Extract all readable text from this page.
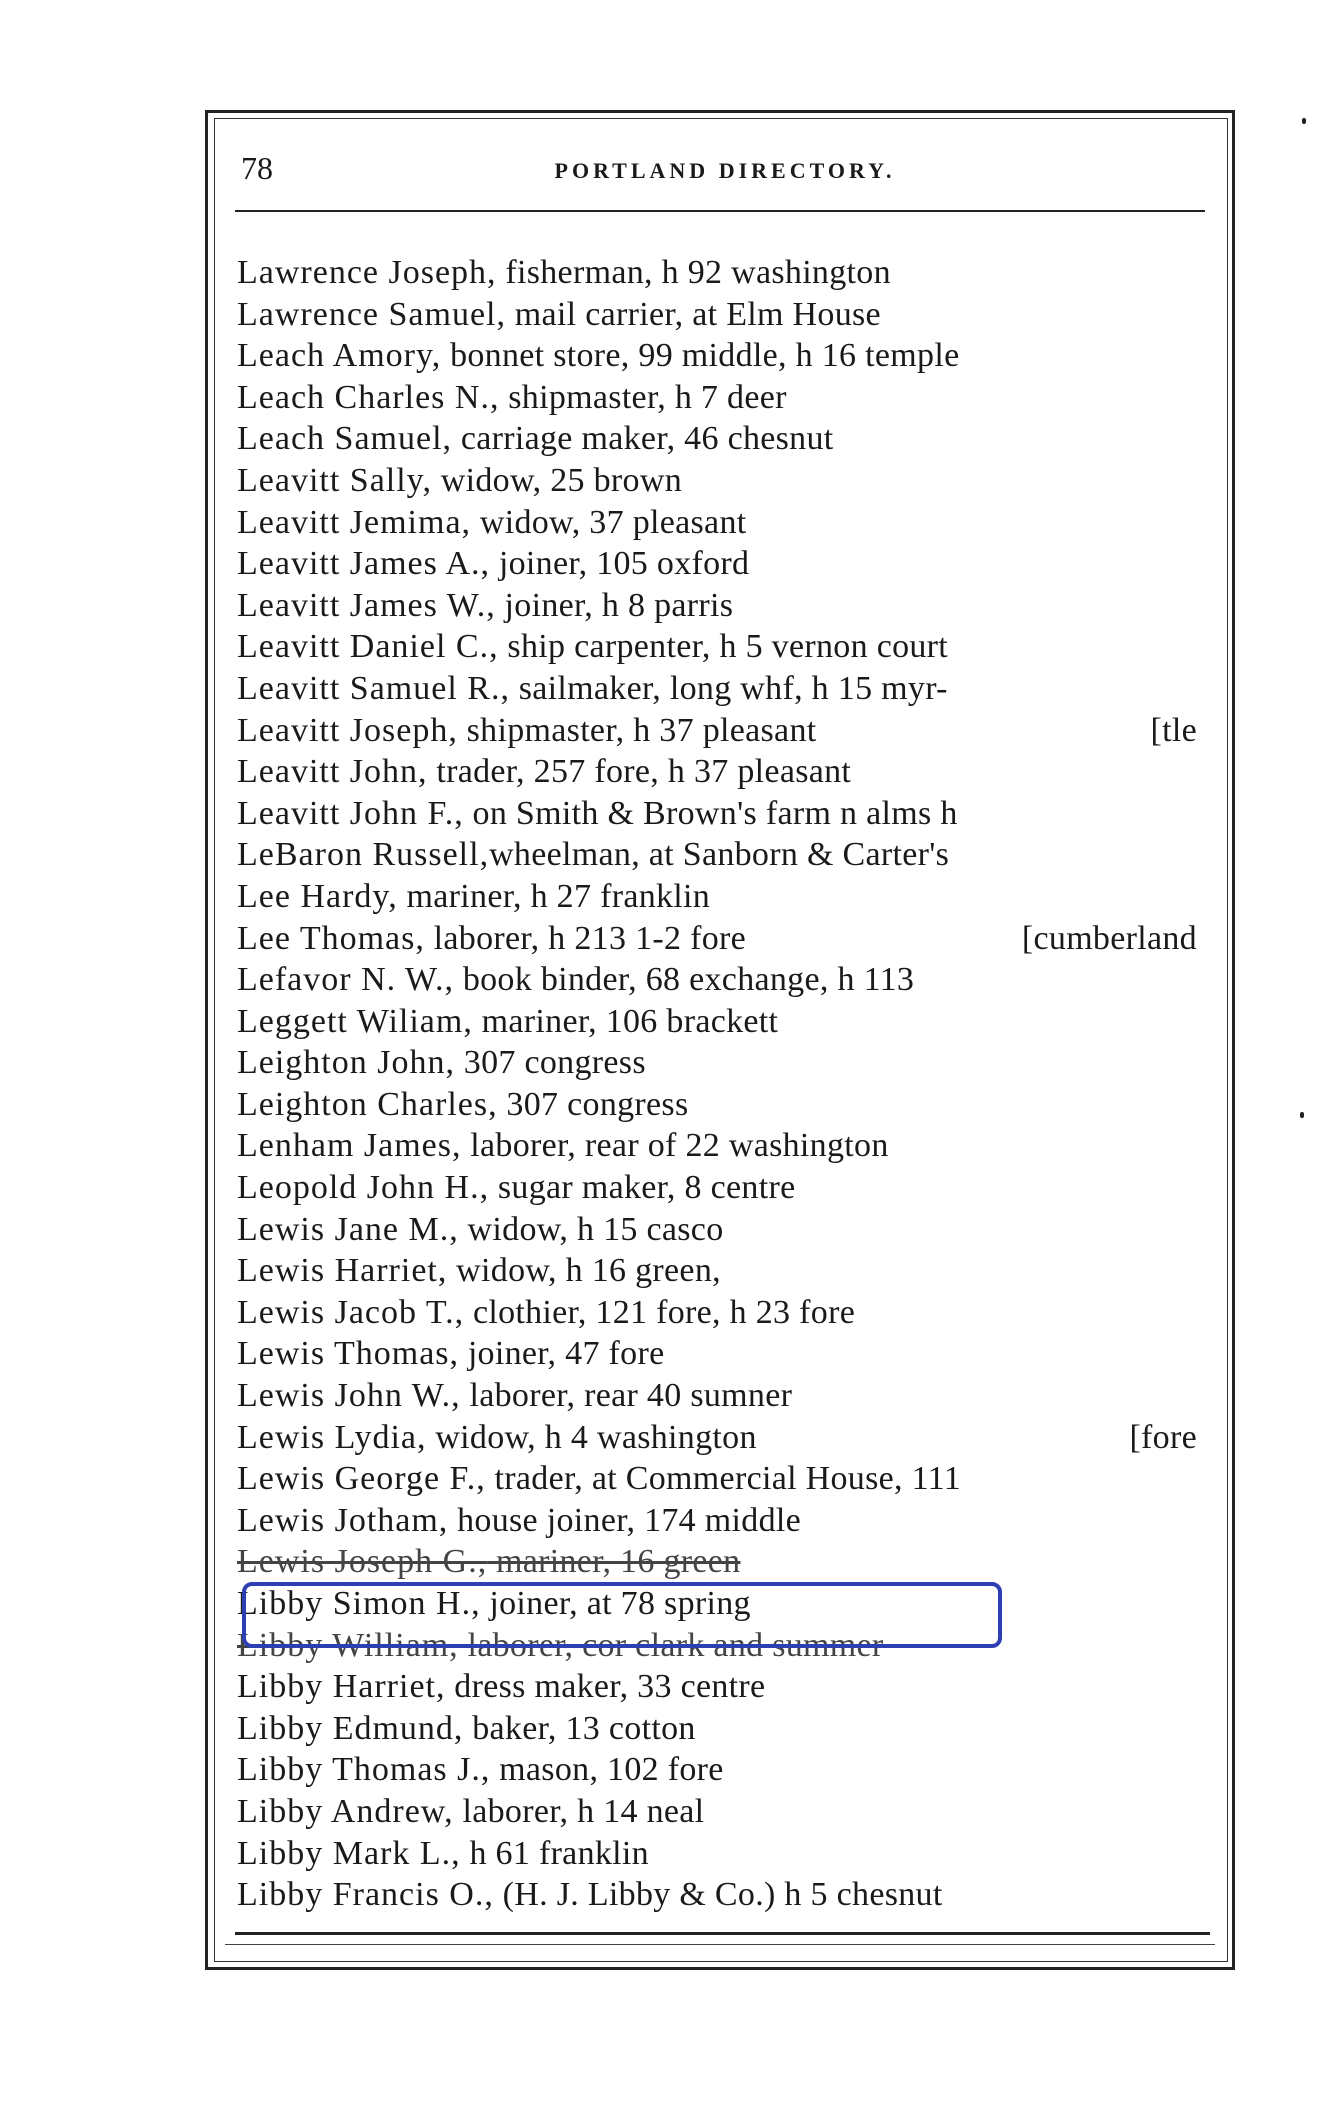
78	PORTLAND DIRECTORY.
Lawrence Joseph, fisherman, h 92 washington
Lawrence Samuel, mail carrier, at Elm House
Leach Amory, bonnet store, 99 middle, h 16 temple
Leach Charles N., shipmaster, h 7 deer
Leach Samuel, carriage maker, 46 chesnut
Leavitt Sally, widow, 25 brown
Leavitt Jemima, widow, 37 pleasant
Leavitt James A., joiner, 105 oxford
Leavitt James W., joiner, h 8 parris
Leavitt Daniel C., ship carpenter, h 5 vernon court
Leavitt Samuel R., sailmaker, long whf, h 15 myr-
Leavitt Joseph, shipmaster, h 37 pleasant	[tle
Leavitt John, trader, 257 fore, h 37 pleasant
Leavitt John F., on Smith & Brown's farm n alms h
LeBaron Russell,wheelman, at Sanborn & Carter's
Lee Hardy, mariner, h 27 franklin
Lee Thomas, laborer, h 213 1-2 fore	[cumberland
Lefavor N. W., book binder, 68 exchange, h 113
Leggett Wiliam, mariner, 106 brackett
Leighton John, 307 congress
Leighton Charles, 307 congress
Lenham James, laborer, rear of 22 washington
Leopold John H., sugar maker, 8 centre
Lewis Jane M., widow, h 15 casco
Lewis Harriet, widow, h 16 green,
Lewis Jacob T., clothier, 121 fore, h 23 fore
Lewis Thomas, joiner, 47 fore
Lewis John W., laborer, rear 40 sumner
Lewis Lydia, widow, h 4 washington	[fore
Lewis George F., trader, at Commercial House, 111
Lewis Jotham, house joiner, 174 middle
Lewis Joseph G., mariner, 16 green
Libby Simon H., joiner, at 78 spring
Libby William, laborer, cor clark and summer
Libby Harriet, dress maker, 33 centre
Libby Edmund, baker, 13 cotton
Libby Thomas J., mason, 102 fore
Libby Andrew, laborer, h 14 neal
Libby Mark L., h 61 franklin
Libby Francis O., (H. J. Libby & Co.) h 5 chesnut
